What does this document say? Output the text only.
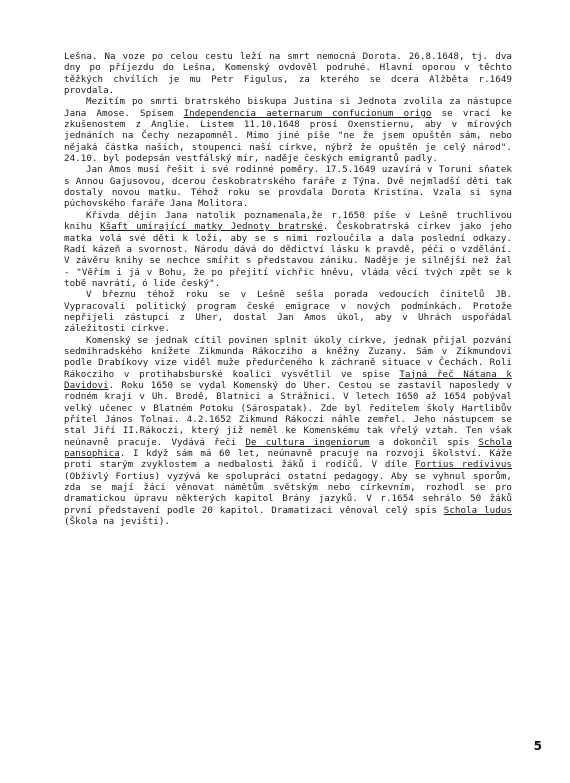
Lešna. Na voze po celou cestu leží na smrt nemocná Dorota. 26.8.1648, tj. dva dny po příjezdu do Lešna, Komenský ovdověl podruhé. Hlavní oporou v těchto těžkých chvílích je mu Petr Figulus, za kterého se dcera Alžběta r.1649 provdala.

Mezitím po smrti bratrského biskupa Justina si Jednota zvolila za nástupce Jana Amose. Spisem Independencia aeternarum confucionum origo se vrací ke zkušenostem z Anglie. Listem 11.10.1648 prosí Oxenstiernu, aby v mírových jednáních na Čechy nezapomněl. Mimo jiné píše "ne že jsem opuštěn sám, nebo nějaká částka našich, stoupenci naší církve, nýbrž že opuštěn je celý národ". 24.10. byl podepsán vestfálský mír, naděje českých emigrantů padly.

Jan Amos musí řešit i své rodinné poměry. 17.5.1649 uzavírá v Toruni sňatek s Annou Gajusovou, dcerou českobratrského faráře z Týna. Dvě nejmladší děti tak dostaly novou matku. Téhož roku se provdala Dorota Kristina. Vzala si syna púchovského faráře Jana Molitora.

Křivda dějin Jana natolik poznamenala,že r.1650 píše v Lešně truchlivou knihu Kšaft umírající matky Jednoty bratrské. Českobratrská církev jako jeho matka volá své děti k loži, aby se s nimi rozloučila a dala poslední odkazy. Radí kázeň a svornost. Národu dává do dědictví lásku k pravdě, péči o vzdělání. V závěru knihy se nechce smířit s představou zániku. Naděje je silnější než žal - "Věřím i já v Bohu, že po přejití vichřic hněvu, vláda věcí tvých zpět se k tobě navrátí, ó lide český".

V březnu téhož roku se v Lešně sešla porada vedoucích činitelů JB. Vypracovali politický program české emigrace v nových podmínkách. Protože nepřijeli zástupci z Uher, dostal Jan Amos úkol, aby v Uhrách uspořádal záležitosti církve.

Komenský se jednak cítil povinen splnit úkoly církve, jednak přijal pozvání sedmihradského knížete Zikmunda Rákocziho a kněžny Zuzany. Sám v Zikmundovi podle Drabíkovy vize viděl muže předurčeného k záchraně situace v Čechách. Roli Rákocziho v protihabsburské koalici vysvětlil ve spise Tajná řeč Nátana k Davidovi. Roku 1650 se vydal Komenský do Uher. Cestou se zastavil naposledy v rodném kraji v Uh. Brodě, Blatnici a Strážnici. V letech 1650 až 1654 pobýval velký učenec v Blatném Potoku (Sárospatak). Zde byl ředitelem školy Hartlibův přítel János Tolnai. 4.2.1652 Zikmund Rákoczi náhle zemřel. Jeho nástupcem se stal Jiří II.Rákoczi, který již neměl ke Komenskému tak vřelý vztah. Ten však neúnavně pracuje. Vydává řeči De cultura ingeniorum a dokončil spis Schola pansophica. I když sám má 60 let, neúnavně pracuje na rozvoji školství. Káže proti starým zvyklostem a nedbalosti žáků i rodičů. V díle Fortius redivivus (Obživlý Fortius) vyzývá ke spolupráci ostatní pedagogy. Aby se vyhnul sporům, zda se mají žáci věnovat námětům světským nebo církevním, rozhodl se pro dramatickou úpravu některých kapitol Brány jazyků. V r.1654 sehrálo 50 žáků první představení podle 20 kapitol. Dramatizaci věnoval celý spis Schola ludus (Škola na jevišti).

5
